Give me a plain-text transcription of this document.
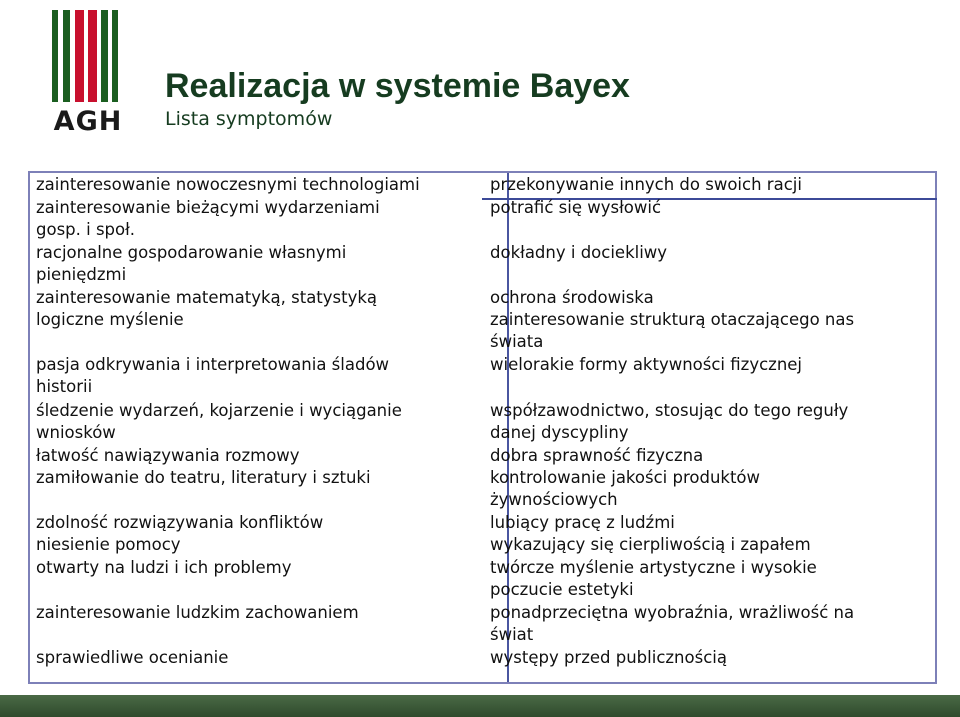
AGH
Realizacja w systemie Bayex
Lista symptomów
zainteresowanie nowoczesnymi technologiami
zainteresowanie bieżącymi wydarzeniami
gosp. i społ.
racjonalne gospodarowanie własnymi
pieniędzmi
zainteresowanie matematyką, statystyką
logiczne myślenie
pasja odkrywania i interpretowania śladów
historii
śledzenie wydarzeń, kojarzenie i wyciąganie
wniosków
łatwość nawiązywania rozmowy
zamiłowanie do teatru, literatury i sztuki
zdolność rozwiązywania konfliktów
niesienie pomocy
otwarty na ludzi i ich problemy
zainteresowanie ludzkim zachowaniem
sprawiedliwe ocenianie
przekonywanie innych do swoich racji
potrafić się wysłowić
dokładny i dociekliwy
ochrona środowiska
zainteresowanie strukturą otaczającego nas
świata
wielorakie formy aktywności fizycznej
współzawodnictwo, stosując do tego reguły
danej dyscypliny
dobra sprawność fizyczna
kontrolowanie jakości produktów
żywnościowych
lubiący pracę z ludźmi
wykazujący się cierpliwością i zapałem
twórcze myślenie artystyczne i wysokie
poczucie estetyki
ponadprzeciętna wyobraźnia, wrażliwość na
świat
występy przed publicznością
